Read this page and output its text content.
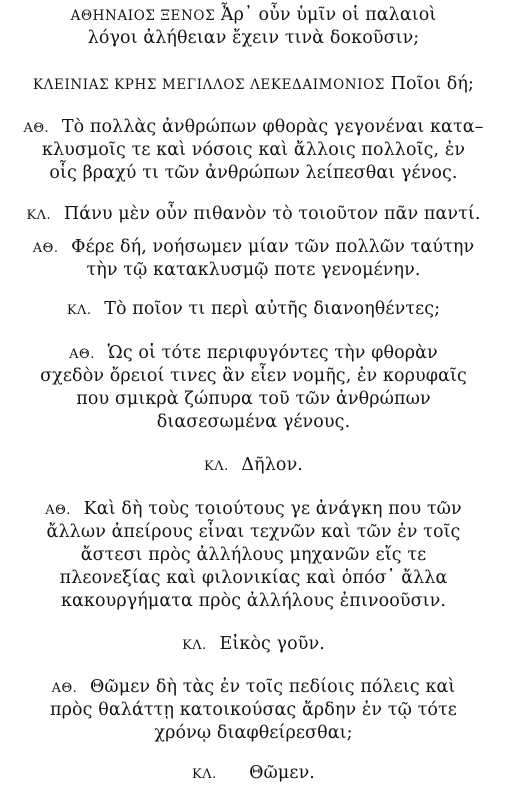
ΑΘΗΝΑΙΟΣ ΞΕΝΟΣ Ἆρ᾽ οὖν ὑμῖν οἱ παλαιοὶ
λόγοι ἀλήθειαν ἔχειν τινὰ δοκοῦσιν;
ΚΛΕΙΝΙΑΣ ΚΡΗΣ ΜΕΓΙΛΛΟΣ ΛΕΚΕΔΑΙΜΟΝΙΟΣ Ποῖοι δή;
ΑΘ. Τὸ πολλὰς ἀνθρώπων φθορὰς γεγονέναι κατα–
κλυσμοῖς τε καὶ νόσοις καὶ ἄλλοις πολλοῖς, ἐν
οἷς βραχύ τι τῶν ἀνθρώπων λείπεσθαι γένος.
ΚΛ. Πάνυ μὲν οὖν πιθανὸν τὸ τοιοῦτον πᾶν παντί.
ΑΘ. Φέρε δή, νοήσωμεν μίαν τῶν πολλῶν ταύτην
τὴν τῷ κατακλυσμῷ ποτε γενομένην.
ΚΛ. Τὸ ποῖον τι περὶ αὐτῆς διανοηθέντες;
ΑΘ. Ὡς οἱ τότε περιφυγόντες τὴν φθορὰν
σχεδὸν ὄρειοί τινες ἂν εἶεν νομῆς, ἐν κορυφαῖς
που σμικρὰ ζώπυρα τοῦ τῶν ἀνθρώπων
διασεσωμένα γένους.
ΚΛ. Δῆλον.
ΑΘ. Καὶ δὴ τοὺς τοιούτους γε ἀνάγκη που τῶν
ἄλλων ἀπείρους εἶναι τεχνῶν καὶ τῶν ἐν τοῖς
ἄστεσι πρὸς ἀλλήλους μηχανῶν εἴς τε
πλεονεξίας καὶ φιλονικίας καὶ ὁπόσ᾽ ἄλλα
κακουργήματα πρὸς ἀλλήλους ἐπινοοῦσιν.
ΚΛ. Εἰκὸς γοῦν.
ΑΘ. Θῶμεν δὴ τὰς ἐν τοῖς πεδίοις πόλεις καὶ
πρὸς θαλάττῃ κατοικούσας ἄρδην ἐν τῷ τότε
χρόνῳ διαφθείρεσθαι;
ΚΛ. Θῶμεν.
